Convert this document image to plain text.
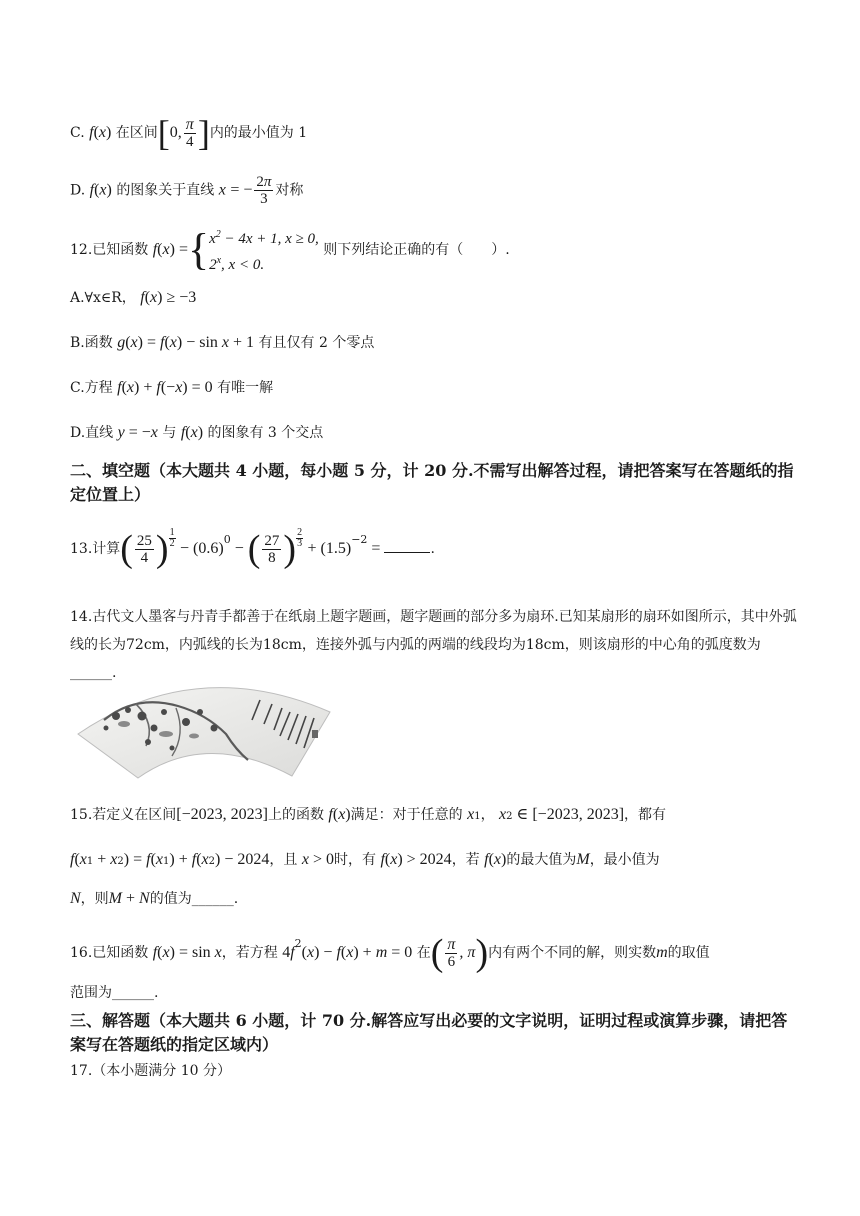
C. f(x) 在区间[0, $\frac{\pi}{4}$ ]内的最小值为 1
D. f(x) 的图象关于直线 x = − $\frac{2\pi}{3}$ 对称
12.已知函数 f(x) ={ $x^2 - 4x + 1$, x ≥ 0,
2$^x$, x < 0.
则下列结论正确的有（　　）.
A.∀x∈R， f(x) ≥ −3
B.函数 g(x) = f(x) − sin x + 1 有且仅有 2 个零点
C.方程 f(x) + f(−x) = 0 有唯一解
D.直线 y = −x 与 f(x) 的图象有 3 个交点
二、填空题（本大题共 4 小题，每小题 5 分，计 20 分.不需写出解答过程，请把答案写在答题纸的指定位置上）
13.计算( $\frac{25}{4}$ ) $\frac{1}{2} - (0.6)^0$ − ( $\frac{27}{8}$ ) $\frac{2}{3} + (1.5)^{-2}$ =	.
14.古代文人墨客与丹青手都善于在纸扇上题字题画，题字题画的部分多为扇环.已知某扇形的扇环如图所示，其中外弧线的长为72cm，内弧线的长为18cm，连接外弧与内弧的两端的线段均为18cm，则该扇形的中心角的弧度数为______.
15.若定义在区间[−2023, 2023]上的函数 f(x)满足：对于任意的 x1， x2 ∈ [−2023, 2023]，都有
f(x1 + x2) = f(x1) + f(x2) − 2024，且 x > 0时，有 f(x) > 2024，若 f(x)的最大值为M，最小值为
N，则M + N的值为______.
16.已知函数 f(x) = sin x，若方程 $4f^2(x) - f(x) + m = 0$ 在( $\frac{\pi}{6}$ , π)内有两个不同的解，则实数m的取值
范围为______.
三、解答题（本大题共 6 小题，计 70 分.解答应写出必要的文字说明，证明过程或演算步骤，请把答案写在答题纸的指定区域内）
17.（本小题满分 10 分）
